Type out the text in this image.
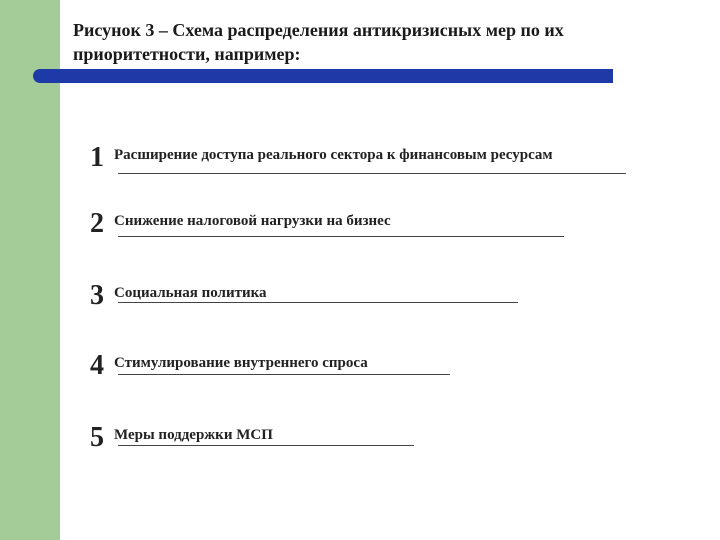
Рисунок 3 – Схема распределения антикризисных мер по их
приоритетности, например:
1 Расширение доступа реального сектора к финансовым ресурсам
2 Снижение налоговой нагрузки на бизнес
3 Социальная политика
4 Стимулирование внутреннего спроса
5 Меры поддержки МСП
